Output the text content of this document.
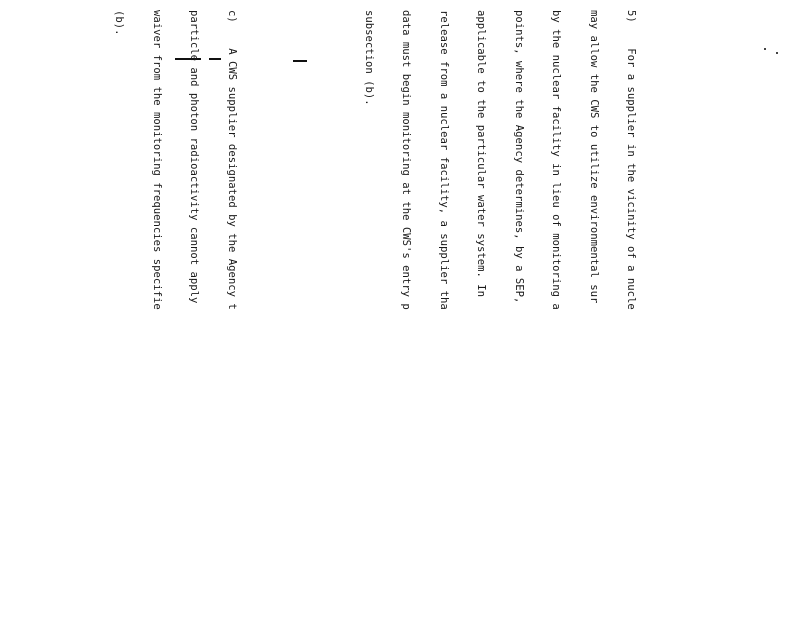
5)    For a supplier in the vicinity of a nucle

may allow the CWS to utilize environmental sur

by the nuclear facility in lieu of monitoring a

points, where the Agency determines, by a SEP,

applicable to the particular water system. In

release from a nuclear facility, a supplier tha

data must begin monitoring at the CWS's entry p

subsection (b).

c)    A CWS supplier designated by the Agency t

particle and photon radioactivity cannot apply

waiver from the monitoring frequencies specifie

(b).
